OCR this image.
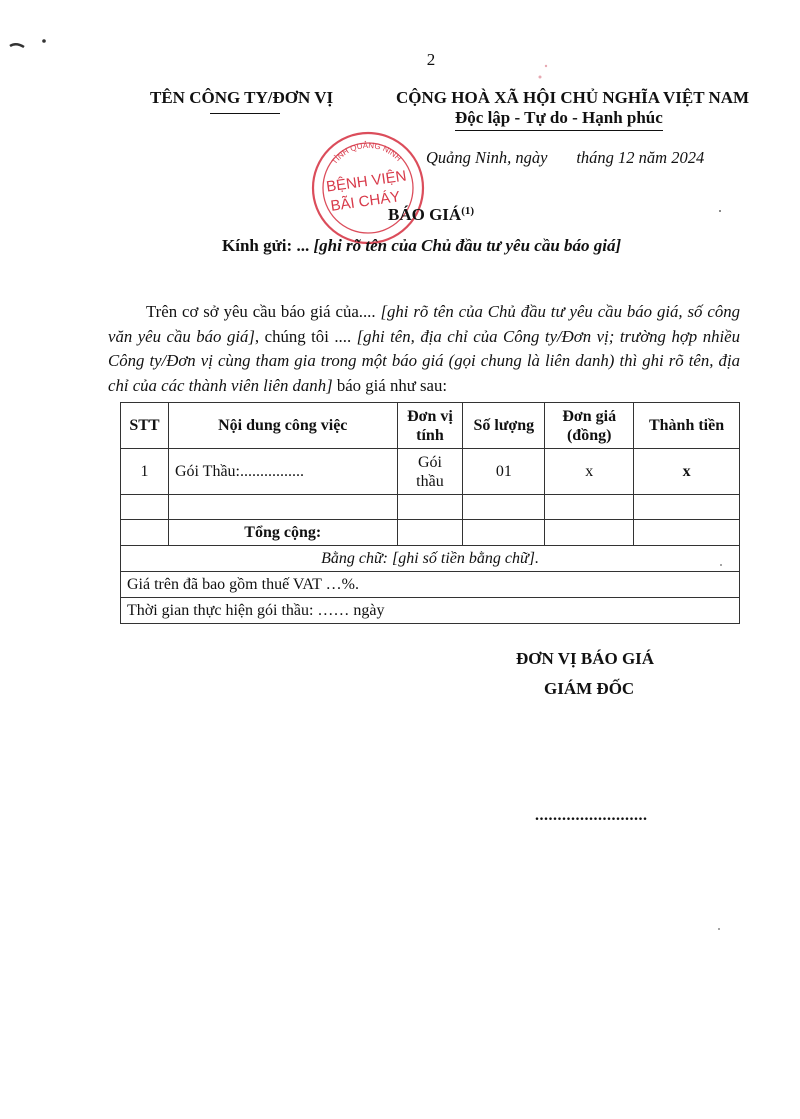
2
TÊN CÔNG TY/ĐƠN VỊ	CỘNG HOÀ XÃ HỘI CHỦ NGHĨA VIỆT NAM
Độc lập - Tự do - Hạnh phúc
Quảng Ninh, ngày       tháng 12 năm 2024
TỈNH QUẢNG NINH
BỆNH VIỆN
BÃI CHÁY
BÁO GIÁ$^{(1)}$
Kính gửi: ... [ghi rõ tên của Chủ đầu tư yêu cầu báo giá]
Trên cơ sở yêu cầu báo giá của.... [ghi rõ tên của Chủ đầu tư yêu cầu báo giá, số công văn yêu cầu báo giá], chúng tôi .... [ghi tên, địa chỉ của Công ty/Đơn vị; trường hợp nhiều Công ty/Đơn vị cùng tham gia trong một báo giá (gọi chung là liên danh) thì ghi rõ tên, địa chỉ của các thành viên liên danh] báo giá như sau:
STT	Nội dung công việc	Đơn vị tính	Số lượng	Đơn giá (đồng)	Thành tiền
1	Gói Thầu:................	Gói thầu	01	x	x

	Tổng cộng:				
Bằng chữ: [ghi số tiền bằng chữ].					
Giá trên đã bao gồm thuế VAT …%.					
Thời gian thực hiện gói thầu: …… ngày					
ĐƠN VỊ BÁO GIÁ
GIÁM ĐỐC
.........................
